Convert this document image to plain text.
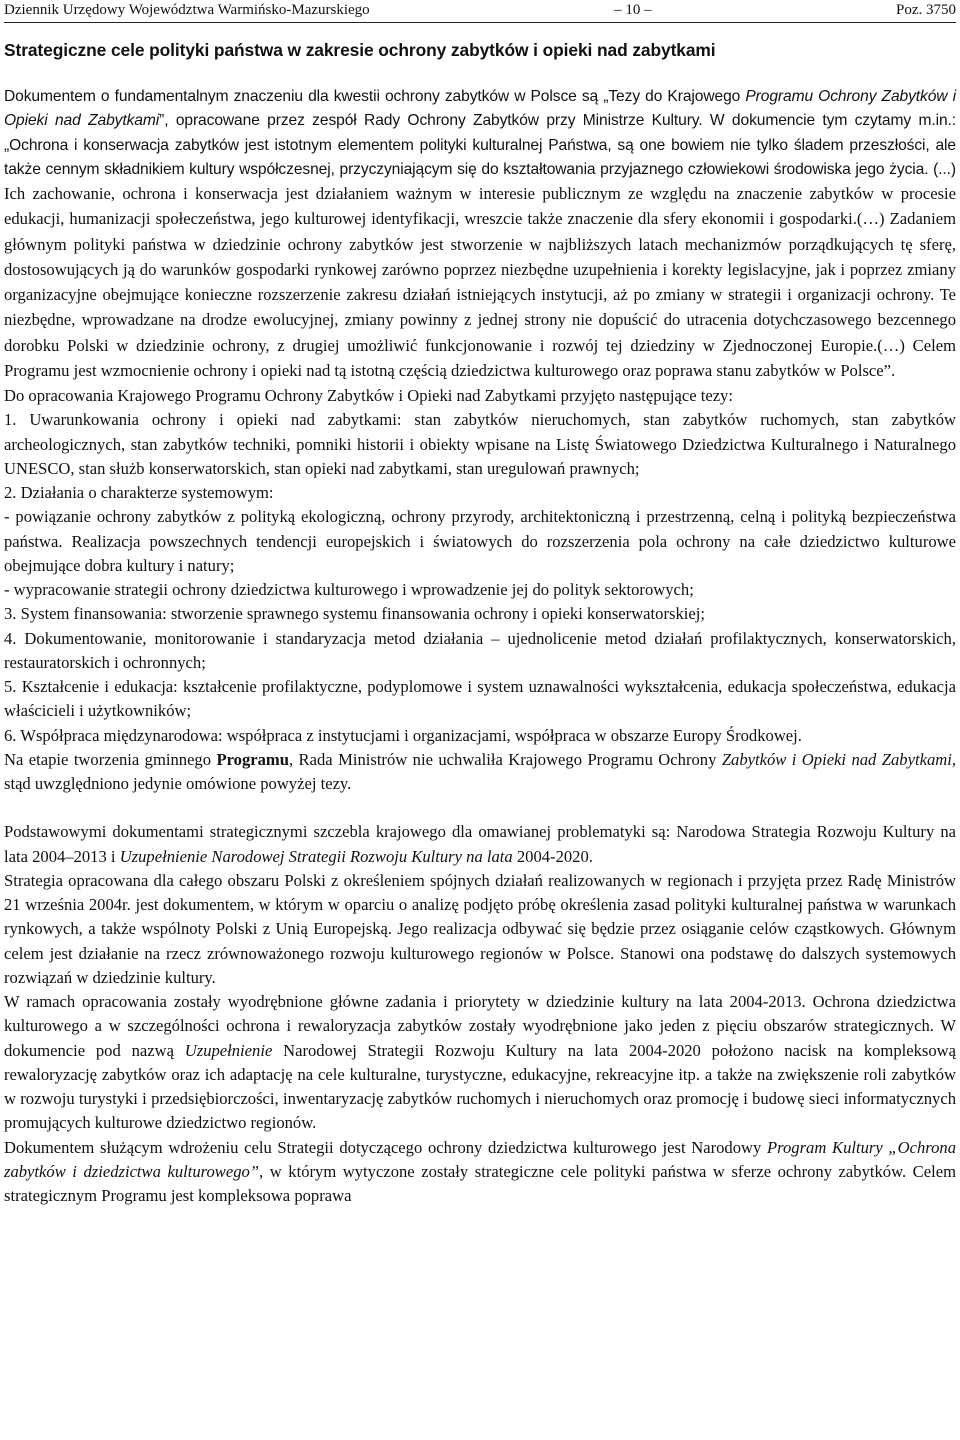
Dziennik Urzędowy Województwa Warmińsko-Mazurskiego	– 10 –	Poz. 3750
Strategiczne cele polityki państwa w zakresie ochrony zabytków i opieki nad zabytkami

Dokumentem o fundamentalnym znaczeniu dla kwestii ochrony zabytków w Polsce są „Tezy do Krajowego Programu Ochrony Zabytków i Opieki nad Zabytkami”, opracowane przez zespół Rady Ochrony Zabytków przy Ministrze Kultury. W dokumencie tym czytamy m.in.: „Ochrona i konserwacja zabytków jest istotnym elementem polityki kulturalnej Państwa, są one bowiem nie tylko śladem przeszłości, ale także cennym składnikiem kultury współczesnej, przyczyniającym się do kształtowania przyjaznego człowiekowi środowiska jego życia. (...) Ich zachowanie, ochrona i konserwacja jest działaniem ważnym w interesie publicznym ze względu na znaczenie zabytków w procesie edukacji, humanizacji społeczeństwa, jego kulturowej identyfikacji, wreszcie także znaczenie dla sfery ekonomii i gospodarki.(…) Zadaniem głównym polityki państwa w dziedzinie ochrony zabytków jest stworzenie w najbliższych latach mechanizmów porządkujących tę sferę, dostosowujących ją do warunków gospodarki rynkowej zarówno poprzez niezbędne uzupełnienia i korekty legislacyjne, jak i poprzez zmiany organizacyjne obejmujące konieczne rozszerzenie zakresu działań istniejących instytucji, aż po zmiany w strategii i organizacji ochrony. Te niezbędne, wprowadzane na drodze ewolucyjnej, zmiany powinny z jednej strony nie dopuścić do utracenia dotychczasowego bezcennego dorobku Polski w dziedzinie ochrony, z drugiej umożliwić funkcjonowanie i rozwój tej dziedziny w Zjednoczonej Europie.(…) Celem Programu jest wzmocnienie ochrony i opieki nad tą istotną częścią dziedzictwa kulturowego oraz poprawa stanu zabytków w Polsce”.

Do opracowania Krajowego Programu Ochrony Zabytków i Opieki nad Zabytkami przyjęto następujące tezy:

1. Uwarunkowania ochrony i opieki nad zabytkami: stan zabytków nieruchomych, stan zabytków ruchomych, stan zabytków archeologicznych, stan zabytków techniki, pomniki historii i obiekty wpisane na Listę Światowego Dziedzictwa Kulturalnego i Naturalnego UNESCO, stan służb konserwatorskich, stan opieki nad zabytkami, stan uregulowań prawnych;

2. Działania o charakterze systemowym:

- powiązanie ochrony zabytków z polityką ekologiczną, ochrony przyrody, architektoniczną i przestrzenną, celną i polityką bezpieczeństwa państwa. Realizacja powszechnych tendencji europejskich i światowych do rozszerzenia pola ochrony na całe dziedzictwo kulturowe obejmujące dobra kultury i natury;

- wypracowanie strategii ochrony dziedzictwa kulturowego i wprowadzenie jej do polityk sektorowych;

3. System finansowania: stworzenie sprawnego systemu finansowania ochrony i opieki konserwatorskiej;

4. Dokumentowanie, monitorowanie i standaryzacja metod działania – ujednolicenie metod działań profilaktycznych, konserwatorskich, restauratorskich i ochronnych;

5. Kształcenie i edukacja: kształcenie profilaktyczne, podyplomowe i system uznawalności wykształcenia, edukacja społeczeństwa, edukacja właścicieli i użytkowników;

6. Współpraca międzynarodowa: współpraca z instytucjami i organizacjami, współpraca w obszarze Europy Środkowej.

Na etapie tworzenia gminnego Programu, Rada Ministrów nie uchwaliła Krajowego Programu Ochrony Zabytków i Opieki nad Zabytkami, stąd uwzględniono jedynie omówione powyżej tezy.

Podstawowymi dokumentami strategicznymi szczebla krajowego dla omawianej problematyki są: Narodowa Strategia Rozwoju Kultury na lata 2004–2013 i Uzupełnienie Narodowej Strategii Rozwoju Kultury na lata 2004-2020.

Strategia opracowana dla całego obszaru Polski z określeniem spójnych działań realizowanych w regionach i przyjęta przez Radę Ministrów 21 września 2004r. jest dokumentem, w którym w oparciu o analizę podjęto próbę określenia zasad polityki kulturalnej państwa w warunkach rynkowych, a także wspólnoty Polski z Unią Europejską. Jego realizacja odbywać się będzie przez osiąganie celów cząstkowych. Głównym celem jest działanie na rzecz zrównoważonego rozwoju kulturowego regionów w Polsce. Stanowi ona podstawę do dalszych systemowych rozwiązań w dziedzinie kultury.

W ramach opracowania zostały wyodrębnione główne zadania i priorytety w dziedzinie kultury na lata 2004-2013. Ochrona dziedzictwa kulturowego a w szczególności ochrona i rewaloryzacja zabytków zostały wyodrębnione jako jeden z pięciu obszarów strategicznych. W dokumencie pod nazwą Uzupełnienie Narodowej Strategii Rozwoju Kultury na lata 2004-2020 położono nacisk na kompleksową rewaloryzację zabytków oraz ich adaptację na cele kulturalne, turystyczne, edukacyjne, rekreacyjne itp. a także na zwiększenie roli zabytków w rozwoju turystyki i przedsiębiorczości, inwentaryzację zabytków ruchomych i nieruchomych oraz promocję i budowę sieci informatycznych promujących kulturowe dziedzictwo regionów.

Dokumentem służącym wdrożeniu celu Strategii dotyczącego ochrony dziedzictwa kulturowego jest Narodowy Program Kultury „Ochrona zabytków i dziedzictwa kulturowego”, w którym wytyczone zostały strategiczne cele polityki państwa w sferze ochrony zabytków. Celem strategicznym Programu jest kompleksowa poprawa
